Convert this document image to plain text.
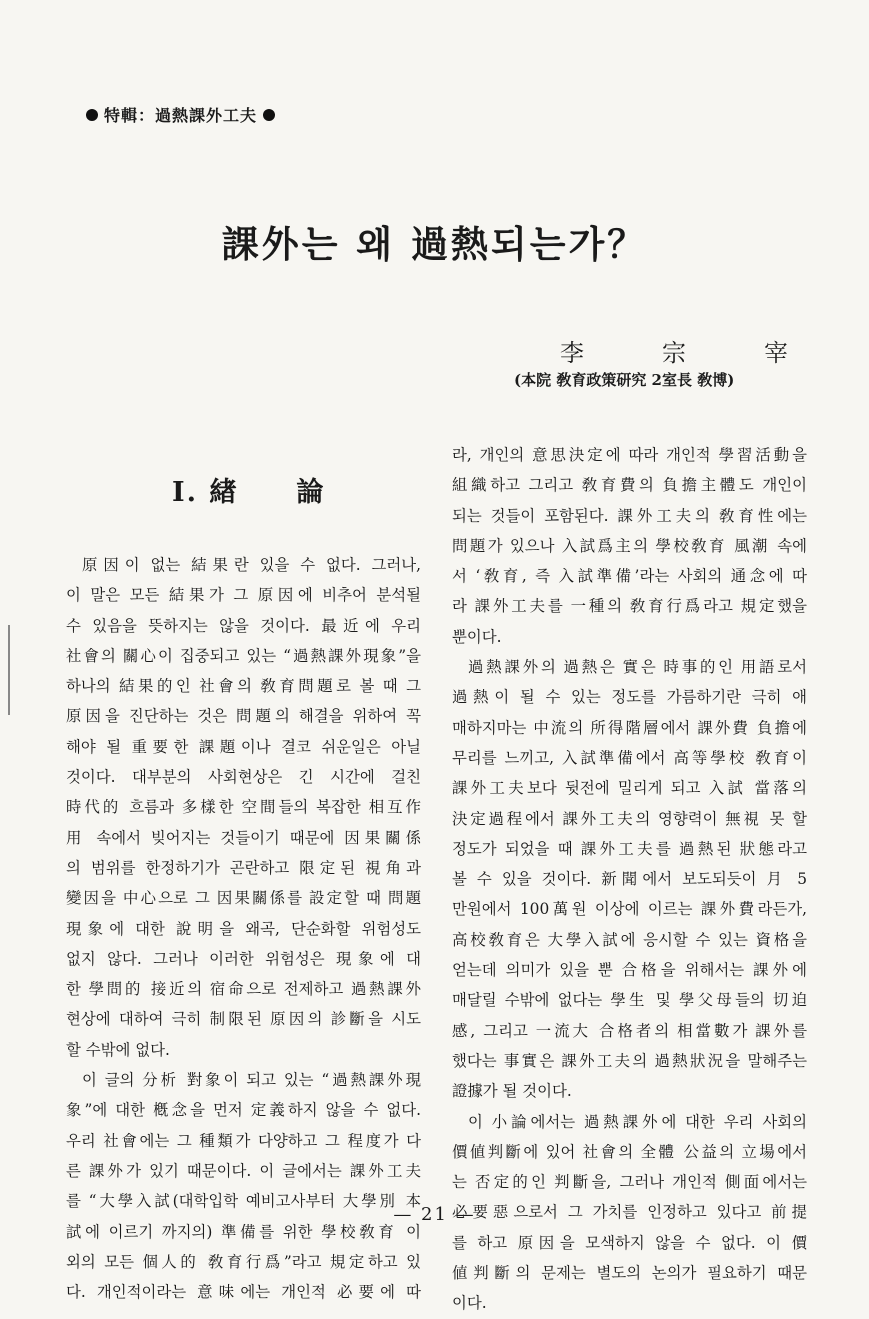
特輯：過熱課外工夫
課外는 왜 過熱되는가？
李	宗	宰
(本院 敎育政策研究 2室長 敎博)
I. 緖　　論
原因이 없는 結果란 있을 수 없다. 그러나,
이 말은 모든 結果가 그 原因에 비추어 분석될
수 있음을 뜻하지는 않을 것이다. 最近에 우리
社會의 關心이 집중되고 있는 “過熱課外現象”을
하나의 結果的인 社會의 敎育問題로 볼 때 그
原因을 진단하는 것은 問題의 해결을 위하여 꼭
해야 될 重要한 課題이나 결코 쉬운일은 아닐
것이다. 대부분의 사회현상은 긴 시간에 걸친
時代的 흐름과 多樣한 空間들의 복잡한 相互作
用 속에서 빚어지는 것들이기 때문에 因果關係
의 범위를 한정하기가 곤란하고 限定된 視角과
變因을 中心으로 그 因果關係를 設定할 때 問題
現象에 대한 說明을 왜곡, 단순화할 위험성도
없지 않다. 그러나 이러한 위험성은 現象에 대
한 學問的 接近의 宿命으로 전제하고 過熱課外
현상에 대하여 극히 制限된 原因의 診斷을 시도
할 수밖에 없다.
이 글의 分析 對象이 되고 있는 “過熱課外現
象”에 대한 槪念을 먼저 定義하지 않을 수 없다.
우리 社會에는 그 種類가 다양하고 그 程度가 다
른 課外가 있기 때문이다. 이 글에서는 課外工夫
를 “大學入試(대학입학 예비고사부터 大學別 本
試에 이르기 까지의) 準備를 위한 學校敎育 이
외의 모든 個人的 敎育行爲”라고 規定하고 있
다. 개인적이라는 意味에는 개인적 必要에 따
라, 개인의 意思決定에 따라 개인적 學習活動을
組織하고 그리고 敎育費의 負擔主體도 개인이
되는 것들이 포함된다. 課外工夫의 敎育性에는
問題가 있으나 入試爲主의 學校敎育 風潮 속에
서 ‘敎育, 즉 入試準備’라는 사회의 通念에 따
라 課外工夫를 一種의 敎育行爲라고 規定했을
뿐이다.
過熱課外의 過熱은 實은 時事的인 用語로서
過熱이 될 수 있는 정도를 가름하기란 극히 애
매하지마는 中流의 所得階層에서 課外費 負擔에
무리를 느끼고, 入試準備에서 高等學校 敎育이
課外工夫보다 뒷전에 밀리게 되고 入試 當落의
決定過程에서 課外工夫의 영향력이 無視 못 할
정도가 되었을 때 課外工夫를 過熱된 狀態라고
볼 수 있을 것이다. 新聞에서 보도되듯이 月 5
만원에서 100萬원 이상에 이르는 課外費라든가,
高校敎育은 大學入試에 응시할 수 있는 資格을
얻는데 의미가 있을 뿐 合格을 위해서는 課外에
매달릴 수밖에 없다는 學生 및 學父母들의 切迫
感, 그리고 一流大 合格者의 相當數가 課外를
했다는 事實은 課外工夫의 過熱狀況을 말해주는
證據가 될 것이다.
이 小論에서는 過熱課外에 대한 우리 사회의
價値判斷에 있어 社會의 全體 公益의 立場에서
는 否定的인 判斷을, 그러나 개인적 側面에서는
必要惡으로서 그 가치를 인정하고 있다고 前提
를 하고 原因을 모색하지 않을 수 없다. 이 價
値判斷의 문제는 별도의 논의가 필요하기 때문
이다.
— 21 —
